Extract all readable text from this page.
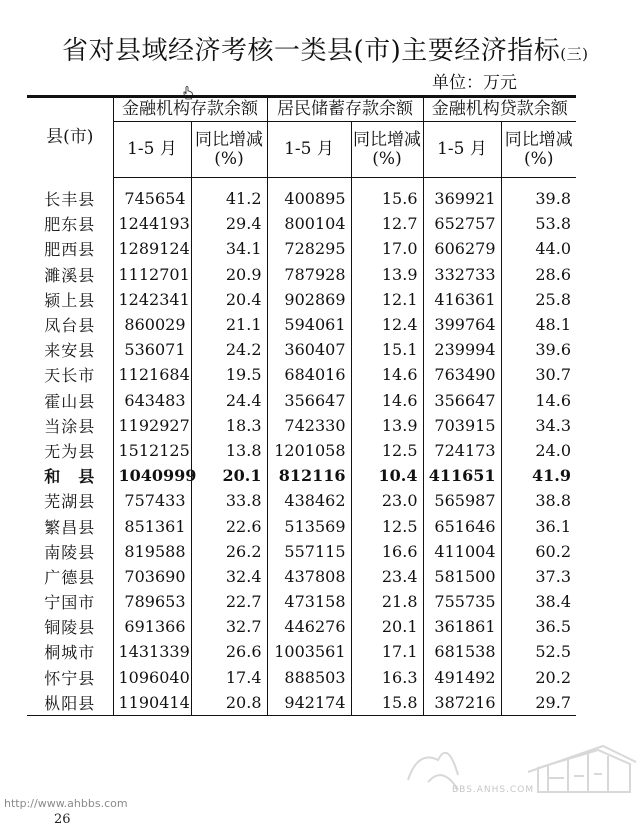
省对县域经济考核一类县(市)主要经济指标(三)
单位：万元
县(市)	金融机构存款余额		居民储蓄存款余额		金融机构贷款余额	
	1-5 月	同比增减(%)	1-5 月	同比增减(%)	1-5 月	同比增减(%)
长丰县	745654	41.2	400895	15.6	369921	39.8
肥东县	1244193	29.4	800104	12.7	652757	53.8
肥西县	1289124	34.1	728295	17.0	606279	44.0
濉溪县	1112701	20.9	787928	13.9	332733	28.6
颍上县	1242341	20.4	902869	12.1	416361	25.8
凤台县	860029	21.1	594061	12.4	399764	48.1
来安县	536071	24.2	360407	15.1	239994	39.6
天长市	1121684	19.5	684016	14.6	763490	30.7
霍山县	643483	24.4	356647	14.6	356647	14.6
当涂县	1192927	18.3	742330	13.9	703915	34.3
无为县	1512125	13.8	1201058	12.5	724173	24.0
和　县	1040999	20.1	812116	10.4	411651	41.9
芜湖县	757433	33.8	438462	23.0	565987	38.8
繁昌县	851361	22.6	513569	12.5	651646	36.1
南陵县	819588	26.2	557115	16.6	411004	60.2
广德县	703690	32.4	437808	23.4	581500	37.3
宁国市	789653	22.7	473158	21.8	755735	38.4
铜陵县	691366	32.7	446276	20.1	361861	36.5
桐城市	1431339	26.6	1003561	17.1	681538	52.5
怀宁县	1096040	17.4	888503	16.3	491492	20.2
枞阳县	1190414	20.8	942174	15.8	387216	29.7
BBS.ANHS.COM
http://www.ahbbs.com
26
